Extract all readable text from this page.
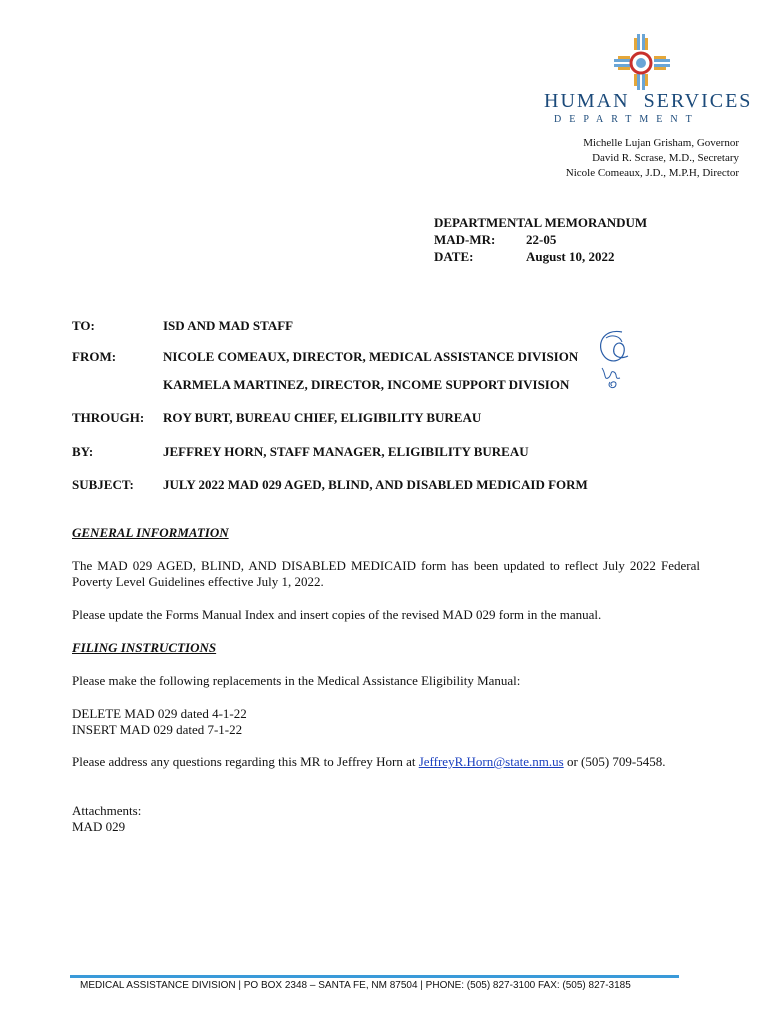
HUMAN SERVICES
DEPARTMENT
Michelle Lujan Grisham, Governor
David R. Scrase, M.D., Secretary
Nicole Comeaux, J.D., M.P.H, Director
DEPARTMENTAL MEMORANDUM
MAD-MR:	22-05
DATE:	August 10, 2022
TO:	ISD AND MAD STAFF
FROM:	NICOLE COMEAUX, DIRECTOR, MEDICAL ASSISTANCE DIVISION
KARMELA MARTINEZ, DIRECTOR, INCOME SUPPORT DIVISION
THROUGH: ROY BURT, BUREAU CHIEF, ELIGIBILITY BUREAU
BY:	JEFFREY HORN, STAFF MANAGER, ELIGIBILITY BUREAU
SUBJECT: JULY 2022 MAD 029 AGED, BLIND, AND DISABLED MEDICAID FORM
GENERAL INFORMATION
The MAD 029 AGED, BLIND, AND DISABLED MEDICAID form has been updated to reflect July 2022 Federal Poverty Level Guidelines effective July 1, 2022.
Please update the Forms Manual Index and insert copies of the revised MAD 029 form in the manual.
FILING INSTRUCTIONS
Please make the following replacements in the Medical Assistance Eligibility Manual:
DELETE MAD 029 dated 4-1-22
INSERT MAD 029 dated 7-1-22
Please address any questions regarding this MR to Jeffrey Horn at JeffreyR.Horn@state.nm.us or (505) 709-5458.
Attachments:
MAD 029
MEDICAL ASSISTANCE DIVISION | PO BOX 2348 – SANTA FE, NM 87504 | PHONE: (505) 827-3100 FAX: (505) 827-3185
